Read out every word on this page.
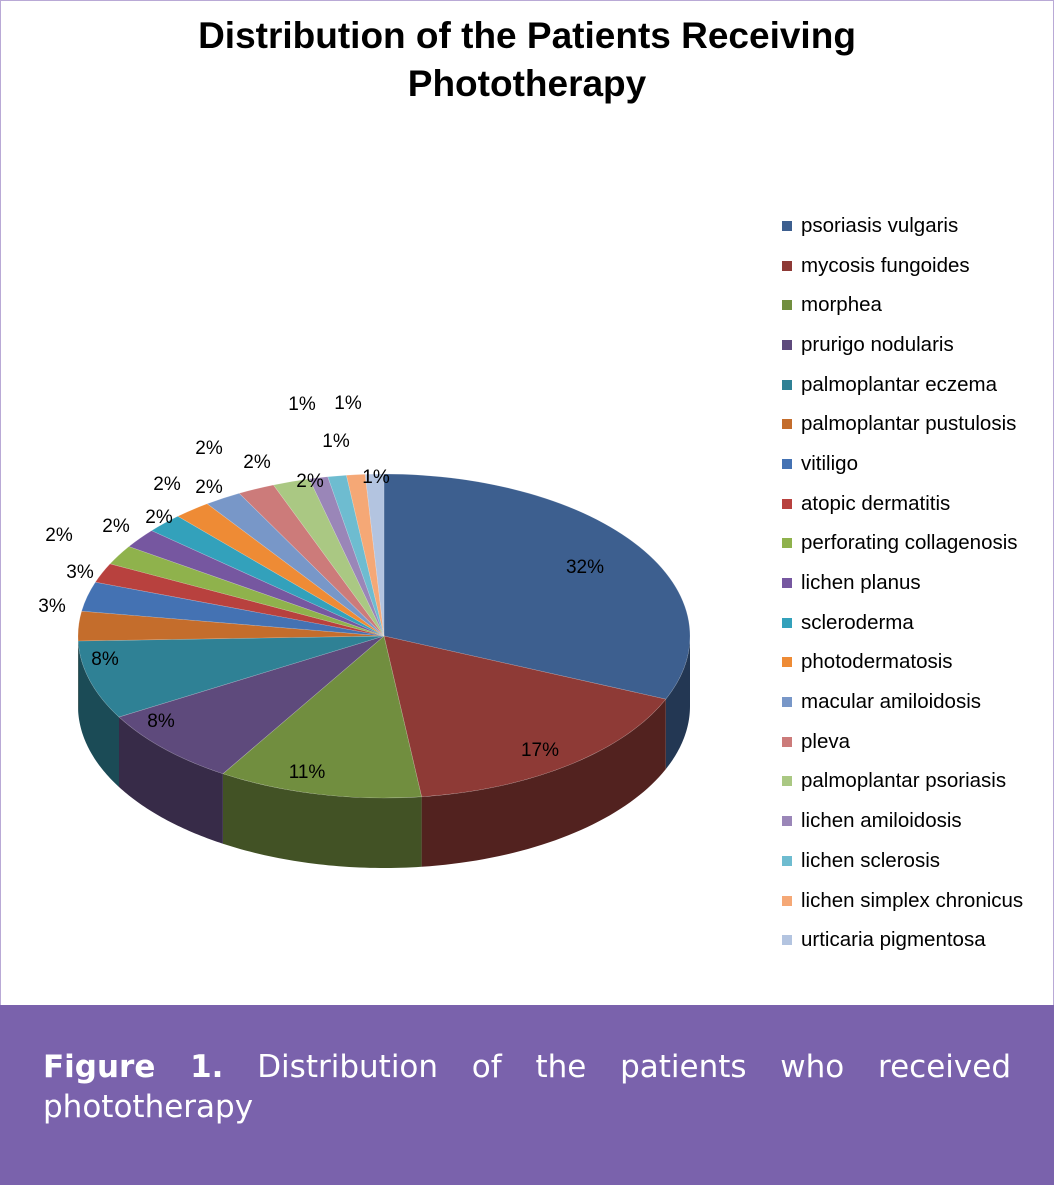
Distribution of the Patients Receiving
Phototherapy
32%
17%
11%
8%
8%
3%
3%
2% 2% 2%
2% 2%
2%
2%
2%
1% 1%
1%
1%
psoriasis vulgaris
mycosis fungoides
morphea
prurigo nodularis
palmoplantar eczema
palmoplantar pustulosis
vitiligo
atopic dermatitis
perforating collagenosis
lichen planus
scleroderma
photodermatosis
macular amiloidosis
pleva
palmoplantar psoriasis
lichen amiloidosis
lichen sclerosis
lichen simplex chronicus
urticaria pigmentosa
Figure 1. Distribution of the patients who received phototherapy
